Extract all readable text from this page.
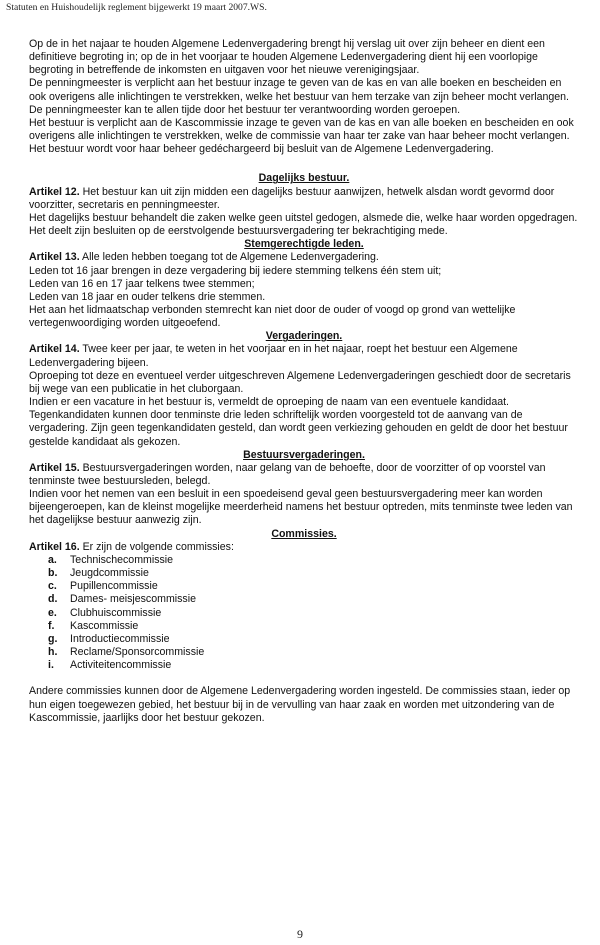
Statuten en Huishoudelijk reglement bijgewerkt 19 maart 2007.WS.

Op de in het najaar te houden Algemene Ledenvergadering brengt hij verslag uit over zijn beheer en dient een definitieve begroting in; op de in het voorjaar te houden Algemene Ledenvergadering dient hij een voorlopige begroting in betreffende de inkomsten en uitgaven voor het nieuwe verenigingsjaar.

De penningmeester is verplicht aan het bestuur inzage te geven van de kas en van alle boeken en bescheiden en ook overigens alle inlichtingen te verstrekken, welke het bestuur van hem terzake van zijn beheer mocht verlangen. De penningmeester kan te allen tijde door het bestuur ter verantwoording worden geroepen.

Het bestuur is verplicht aan de Kascommissie inzage te geven van de kas en van alle boeken en bescheiden en ook overigens alle inlichtingen te verstrekken, welke de commissie van haar ter zake van haar beheer mocht verlangen.

Het bestuur wordt voor haar beheer gedéchargeerd bij besluit van de Algemene Ledenvergadering.

Dagelijks bestuur.

Artikel 12. Het bestuur kan uit zijn midden een dagelijks bestuur aanwijzen, hetwelk alsdan wordt gevormd door voorzitter, secretaris en penningmeester.

Het dagelijks bestuur behandelt die zaken welke geen uitstel gedogen, alsmede die, welke haar worden opgedragen. Het deelt zijn besluiten op de eerstvolgende bestuursvergadering ter bekrachtiging mede.

Stemgerechtigde leden.

Artikel 13. Alle leden hebben toegang tot de Algemene Ledenvergadering.

Leden tot 16 jaar brengen in deze vergadering bij iedere stemming telkens één stem uit;

Leden van 16 en 17 jaar telkens twee stemmen;

Leden van 18 jaar en ouder telkens drie stemmen.

Het aan het lidmaatschap verbonden stemrecht kan niet door de ouder of voogd op grond van wettelijke vertegenwoordiging worden uitgeoefend.

Vergaderingen.

Artikel 14. Twee keer per jaar, te weten in het voorjaar en in het najaar, roept het bestuur een Algemene Ledenvergadering bijeen.

Oproeping tot deze en eventueel verder uitgeschreven Algemene Ledenvergaderingen geschiedt door de secretaris bij wege van een publicatie in het cluborgaan.

Indien er een vacature in het bestuur is, vermeldt de oproeping de naam van een eventuele kandidaat. Tegenkandidaten kunnen door tenminste drie leden schriftelijk worden voorgesteld tot de aanvang van de vergadering. Zijn geen tegenkandidaten gesteld, dan wordt geen verkiezing gehouden en geldt de door het bestuur gestelde kandidaat als gekozen.

Bestuursvergaderingen.

Artikel 15. Bestuursvergaderingen worden, naar gelang van de behoefte, door de voorzitter of op voorstel van tenminste twee bestuursleden, belegd.

Indien voor het nemen van een besluit in een spoedeisend geval geen bestuursvergadering meer kan worden bijeengeroepen, kan de kleinst mogelijke meerderheid namens het bestuur optreden, mits tenminste twee leden van het dagelijkse bestuur aanwezig zijn.

Commissies.

Artikel 16. Er zijn de volgende commissies:

a.	Technischecommissie
b.	Jeugdcommissie
c.	Pupillencommissie
d.	Dames- meisjescommissie
e.	Clubhuiscommissie
f.	Kascommissie
g.	Introductiecommissie
h.	Reclame/Sponsorcommissie
i.	Activiteitencommissie

Andere commissies kunnen door de Algemene Ledenvergadering worden ingesteld. De commissies staan, ieder op hun eigen toegewezen gebied, het bestuur bij in de vervulling van haar zaak en worden met uitzondering van de Kascommissie, jaarlijks door het bestuur gekozen.

9
